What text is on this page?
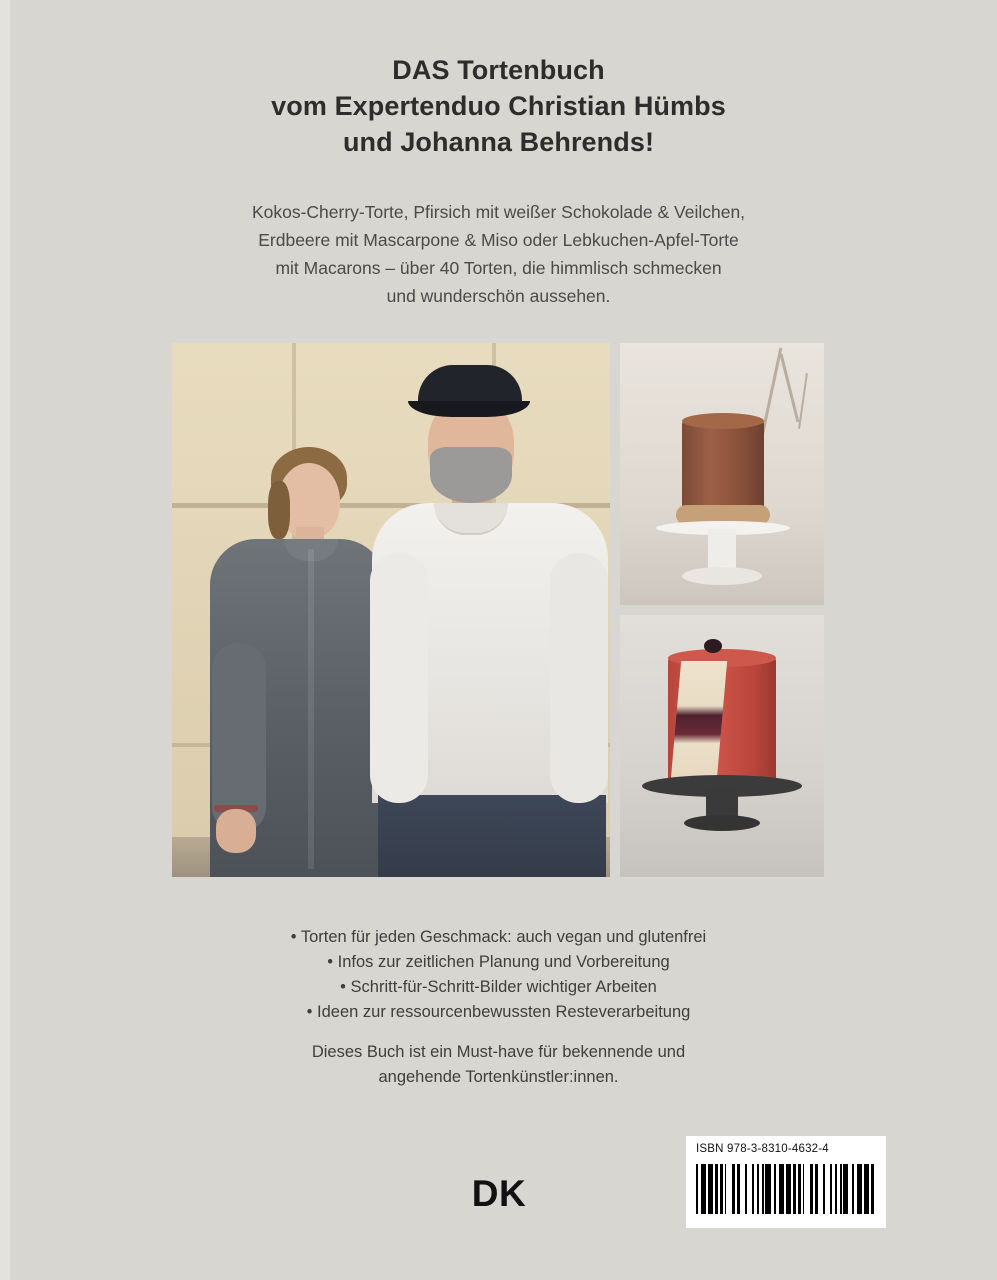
DAS Tortenbuch
vom Expertenduo Christian Hümbs
und Johanna Behrends!
Kokos-Cherry-Torte, Pfirsich mit weißer Schokolade & Veilchen,
Erdbeere mit Mascarpone & Miso oder Lebkuchen-Apfel-Torte
mit Macarons – über 40 Torten, die himmlisch schmecken
und wunderschön aussehen.
• Torten für jeden Geschmack: auch vegan und glutenfrei
• Infos zur zeitlichen Planung und Vorbereitung
• Schritt-für-Schritt-Bilder wichtiger Arbeiten
• Ideen zur ressourcenbewussten Resteverarbeitung
Dieses Buch ist ein Must-have für bekennende und
angehende Tortenkünstler:innen.
DK
ISBN 978-3-8310-4632-4
